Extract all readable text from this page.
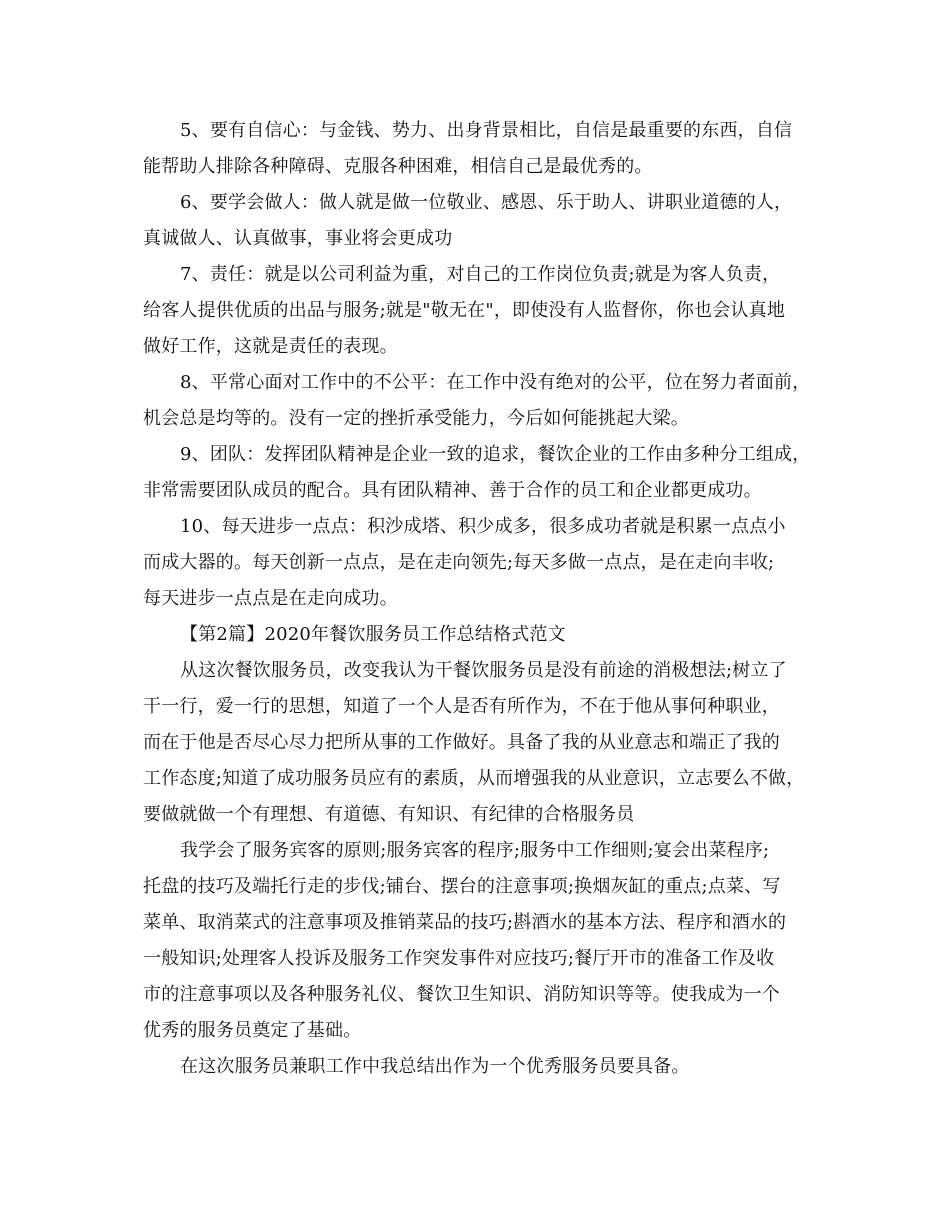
5、要有自信心：与金钱、势力、出身背景相比，自信是最重要的东西，自信
能帮助人排除各种障碍、克服各种困难，相信自己是最优秀的。
6、要学会做人：做人就是做一位敬业、感恩、乐于助人、讲职业道德的人，
真诚做人、认真做事，事业将会更成功
7、责任：就是以公司利益为重，对自己的工作岗位负责;就是为客人负责，
给客人提供优质的出品与服务;就是"敬无在"，即使没有人监督你，你也会认真地
做好工作，这就是责任的表现。
8、平常心面对工作中的不公平：在工作中没有绝对的公平，位在努力者面前，
机会总是均等的。没有一定的挫折承受能力，今后如何能挑起大梁。
9、团队：发挥团队精神是企业一致的追求，餐饮企业的工作由多种分工组成，
非常需要团队成员的配合。具有团队精神、善于合作的员工和企业都更成功。
10、每天进步一点点：积沙成塔、积少成多，很多成功者就是积累一点点小
而成大器的。每天创新一点点，是在走向领先;每天多做一点点，是在走向丰收;
每天进步一点点是在走向成功。
【第2篇】2020年餐饮服务员工作总结格式范文
从这次餐饮服务员，改变我认为干餐饮服务员是没有前途的消极想法;树立了
干一行，爱一行的思想，知道了一个人是否有所作为，不在于他从事何种职业，
而在于他是否尽心尽力把所从事的工作做好。具备了我的从业意志和端正了我的
工作态度;知道了成功服务员应有的素质，从而增强我的从业意识，立志要么不做，
要做就做一个有理想、有道德、有知识、有纪律的合格服务员
我学会了服务宾客的原则;服务宾客的程序;服务中工作细则;宴会出菜程序;
托盘的技巧及端托行走的步伐;铺台、摆台的注意事项;换烟灰缸的重点;点菜、写
菜单、取消菜式的注意事项及推销菜品的技巧;斟酒水的基本方法、程序和酒水的
一般知识;处理客人投诉及服务工作突发事件对应技巧;餐厅开市的准备工作及收
市的注意事项以及各种服务礼仪、餐饮卫生知识、消防知识等等。使我成为一个
优秀的服务员奠定了基础。
在这次服务员兼职工作中我总结出作为一个优秀服务员要具备。
